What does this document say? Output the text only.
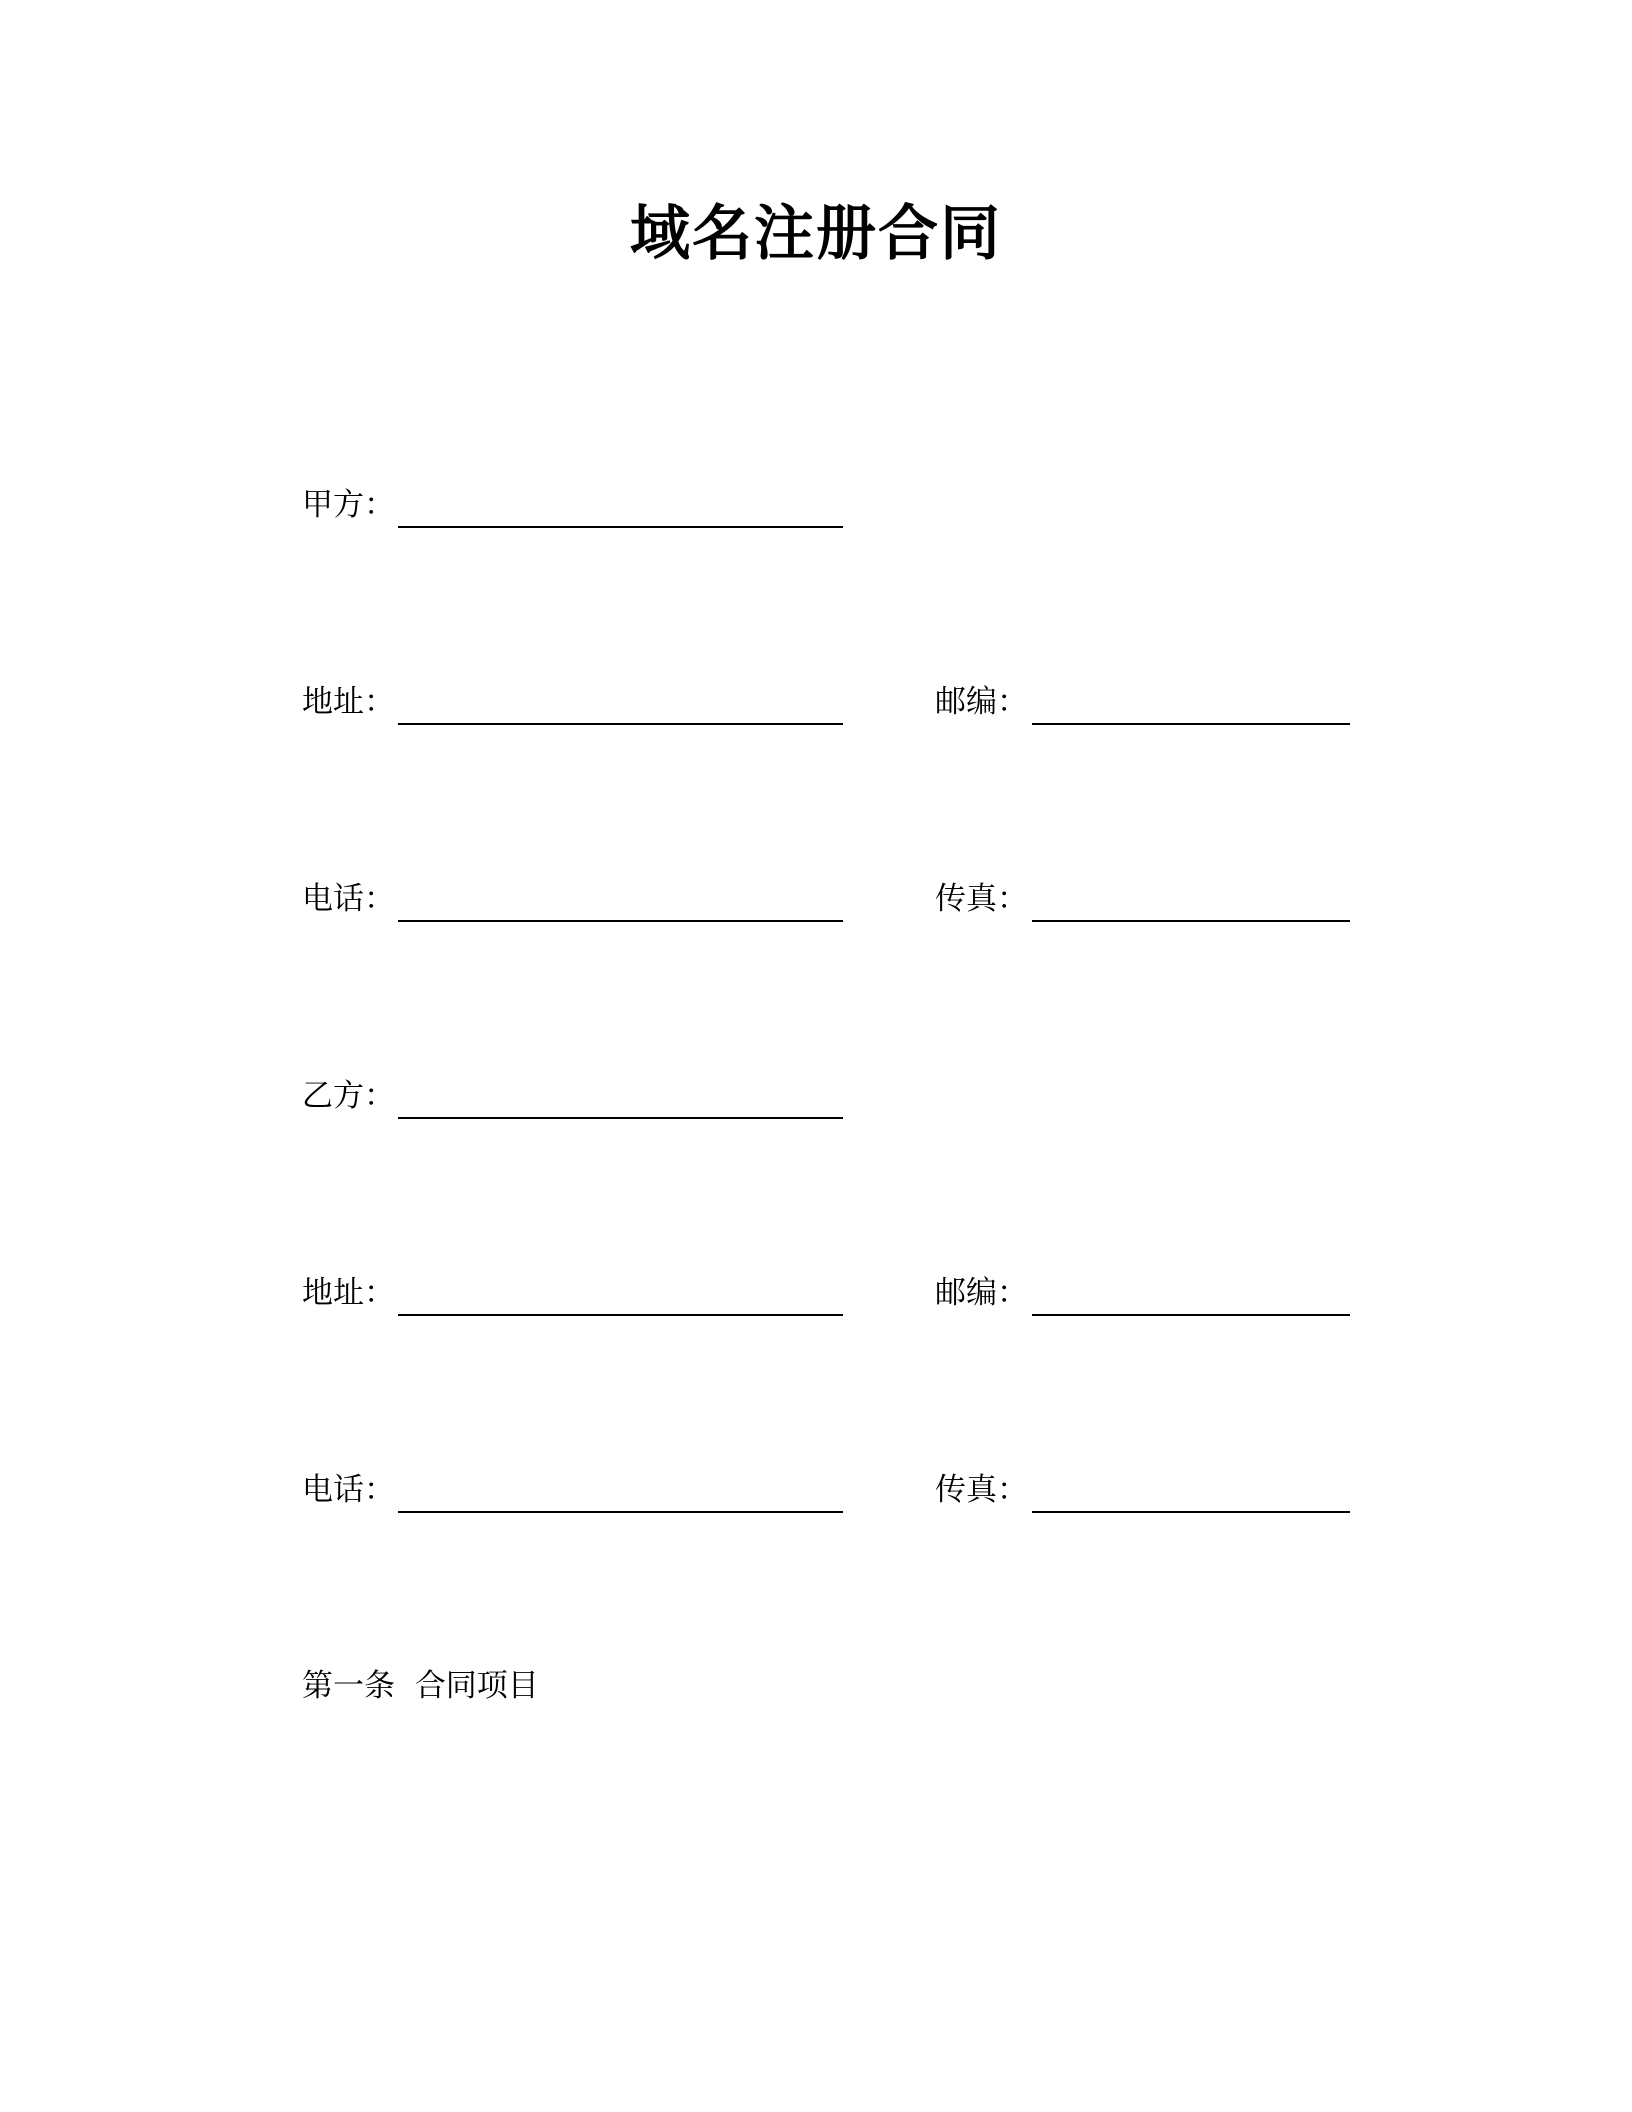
域名注册合同
甲方：
地址：	邮编：
电话：	传真：
乙方：
地址：	邮编：
电话：	传真：
第一条  合同项目
